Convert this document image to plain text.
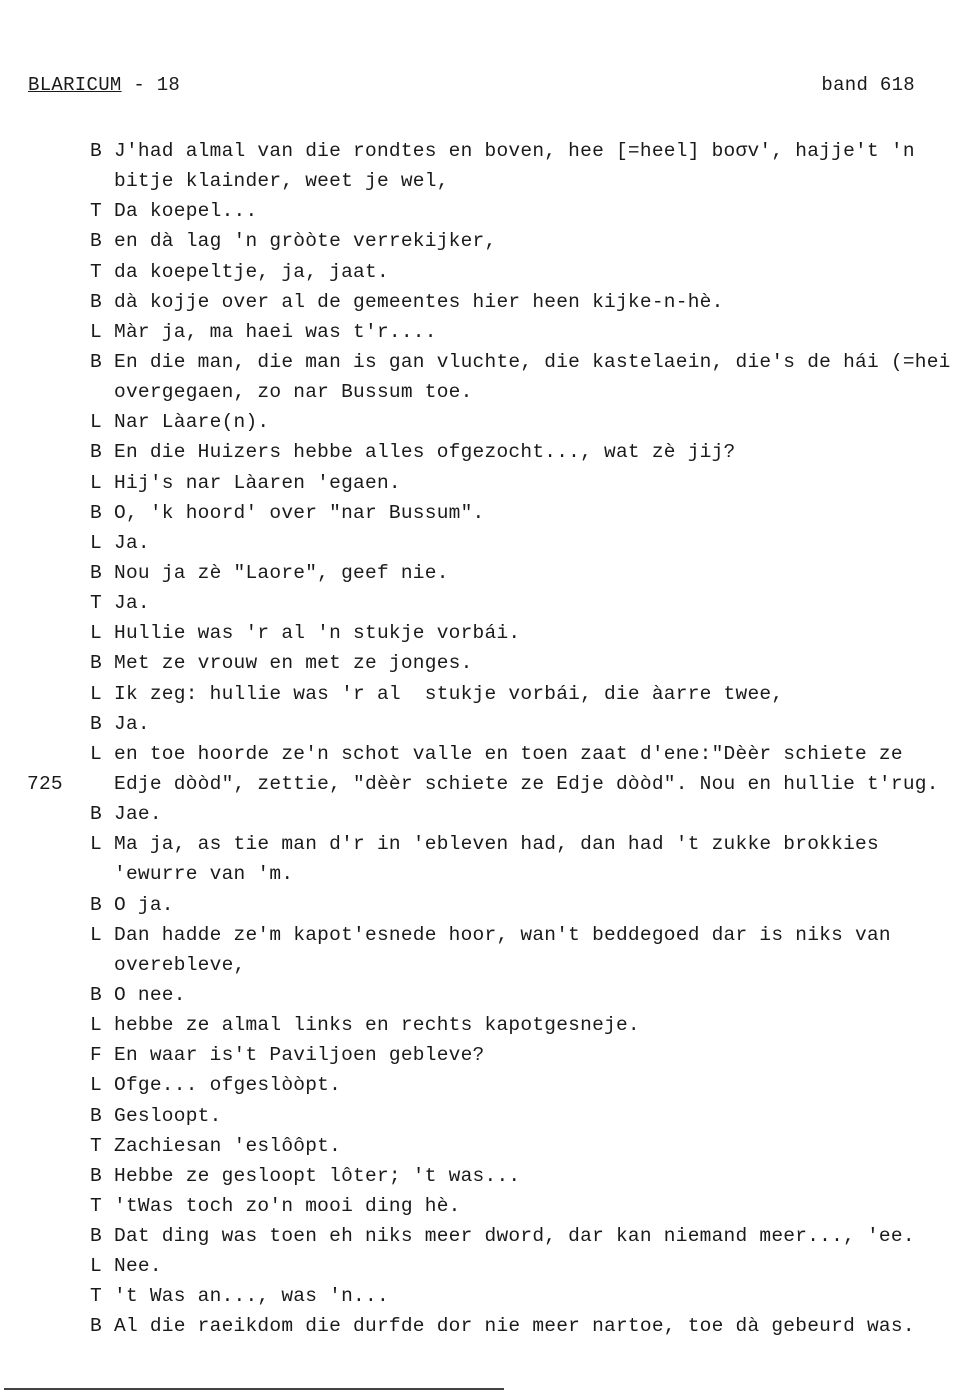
BLARICUM - 18	band 618
B J'had almal van die rondtes en boven, hee [=heel] boσv', hajje't 'n
bitje klainder, weet je wel,
T Da koepel...
B en dà lag 'n gròòte verrekijker,
T da koepeltje, ja, jaat.
B dà kojje over al de gemeentes hier heen kijke-n-hè.
L Màr ja, ma haei was t'r....
B En die man, die man is gan vluchte, die kastelaein, die's de hái (=hei
overgegaen, zo nar Bussum toe.
L Nar Làare(n).
B En die Huizers hebbe alles ofgezocht..., wat zè jij?
L Hij's nar Làaren 'egaen.
B O, 'k hoord' over "nar Bussum".
L Ja.
B Nou ja zè "Laore", geef nie.
T Ja.
L Hullie was 'r al 'n stukje vorbái.
B Met ze vrouw en met ze jonges.
L Ik zeg: hullie was 'r al  stukje vorbái, die àarre twee,
B Ja.
L en toe hoorde ze'n schot valle en toen zaat d'ene:"Dèèr schiete ze
725	Edje dòòd", zettie, "dèèr schiete ze Edje dòòd". Nou en hullie t'rug.
B Jae.
L Ma ja, as tie man d'r in 'ebleven had, dan had 't zukke brokkies
'ewurre van 'm.
B O ja.
L Dan hadde ze'm kapot'esnede hoor, wan't beddegoed dar is niks van
overebleve,
B O nee.
L hebbe ze almal links en rechts kapotgesneje.
F En waar is't Paviljoen gebleve?
L Ofge... ofgeslòòpt.
B Gesloopt.
T Zachiesan 'eslôôpt.
B Hebbe ze gesloopt lôter; 't was...
T 'tWas toch zo'n mooi ding hè.
B Dat ding was toen eh niks meer dword, dar kan niemand meer..., 'ee.
L Nee.
T 't Was an..., was 'n...
B Al die raeikdom die durfde dor nie meer nartoe, toe dà gebeurd was.
